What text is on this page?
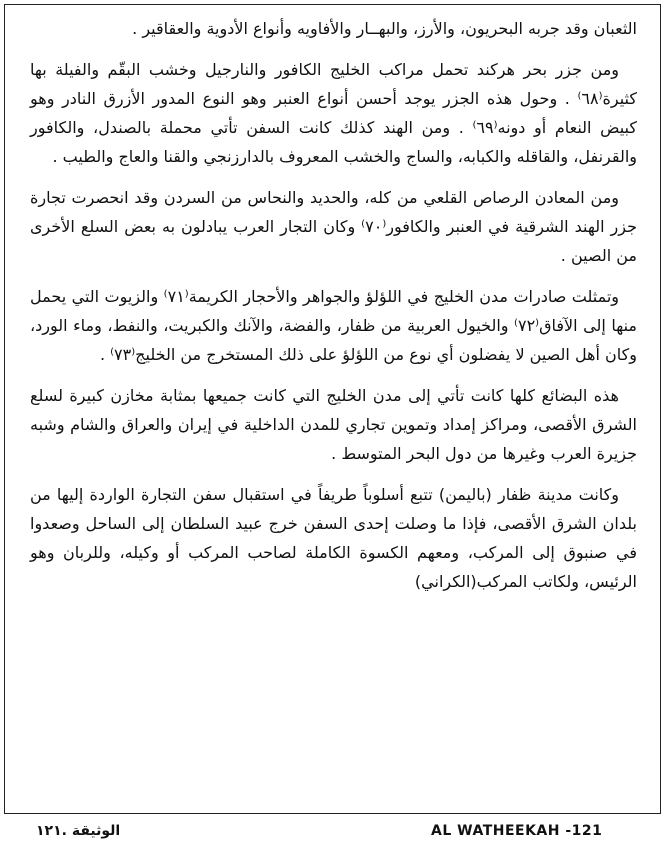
الثعبان وقد جربه البحريون، والأرز، والبهــار والأفاويه وأنواع الأدوية والعقاقير .

ومن جزر بحر هركند تحمل مراكب الخليج الكافور والنارجيل وخشب البقّم والفيلة بها كثيرة⁽٦٨⁾ . وحول هذه الجزر يوجد أحسن أنواع العنبر وهو النوع المدور الأزرق النادر وهو كبيض النعام أو دونه⁽٦٩⁾ . ومن الهند كذلك كانت السفن تأتي محملة بالصندل، والكافور والقرنفل، والقاقله والكبابه، والساج والخشب المعروف بالدارزنجي والقنا والعاج والطيب .

ومن المعادن الرصاص القلعي من كله، والحديد والنحاس من السردن وقد انحصرت تجارة جزر الهند الشرقية في العنبر والكافور⁽٧٠⁾ وكان التجار العرب يبادلون به بعض السلع الأخرى من الصين .

وتمثلت صادرات مدن الخليج في اللؤلؤ والجواهر والأحجار الكريمة⁽٧١⁾ والزيوت التي يحمل منها إلى الآفاق⁽٧٢⁾ والخيول العربية من ظفار، والفضة، والآنك والكبريت، والنفط، وماء الورد، وكان أهل الصين لا يفضلون أي نوع من اللؤلؤ على ذلك المستخرج من الخليج⁽٧٣⁾ .

هذه البضائع كلها كانت تأتي إلى مدن الخليج التي كانت جميعها بمثابة مخازن كبيرة لسلع الشرق الأقصى، ومراكز إمداد وتموين تجاري للمدن الداخلية في إيران والعراق والشام وشبه جزيرة العرب وغيرها من دول البحر المتوسط .

وكانت مدينة ظفار (باليمن) تتبع أسلوباً طريفاً في استقبال سفن التجارة الواردة إليها من بلدان الشرق الأقصى، فإذا ما وصلت إحدى السفن خرج عبيد السلطان إلى الساحل وصعدوا في صنبوق إلى المركب، ومعهم الكسوة الكاملة لصاحب المركب أو وكيله، وللربان وهو الرئيس، ولكاتب المركب(الكراني)

الوثيقة .١٢١	AL WATHEEKAH -121
